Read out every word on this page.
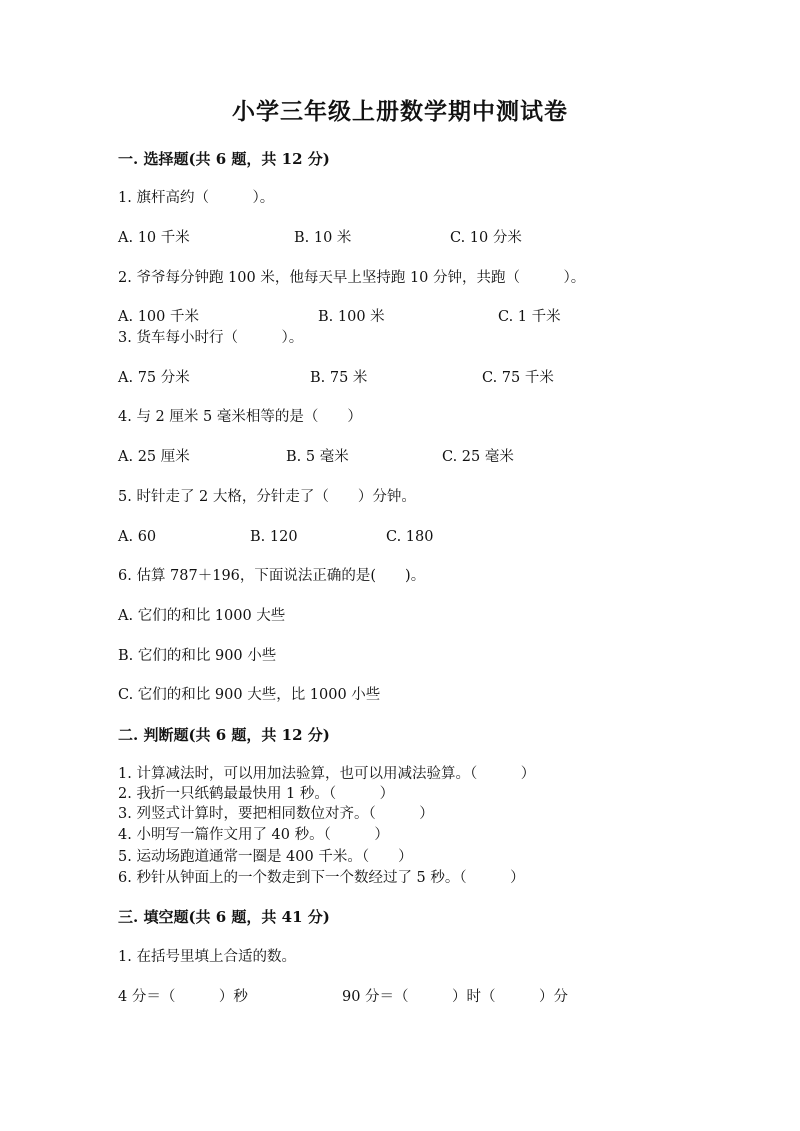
小学三年级上册数学期中测试卷
一. 选择题(共 6 题，共 12 分)
1. 旗杆高约（　　　）。
A. 10 千米	B. 10 米	C. 10 分米
2. 爷爷每分钟跑 100 米，他每天早上坚持跑 10 分钟，共跑（　　　）。
A. 100 千米	B. 100 米	C. 1 千米
3. 货车每小时行（　　　）。
A. 75 分米	B. 75 米	C. 75 千米
4. 与 2 厘米 5 毫米相等的是（　　）
A. 25 厘米	B. 5 毫米	C. 25 毫米
5. 时针走了 2 大格，分针走了（　　）分钟。
A. 60	B. 120	C. 180
6. 估算 787＋196，下面说法正确的是(　　)。
A. 它们的和比 1000 大些
B. 它们的和比 900 小些
C. 它们的和比 900 大些，比 1000 小些
二. 判断题(共 6 题，共 12 分)
1. 计算减法时，可以用加法验算，也可以用减法验算。（　　　）
2. 我折一只纸鹤最最快用 1 秒。（　　　）
3. 列竖式计算时，要把相同数位对齐。（　　　）
4. 小明写一篇作文用了 40 秒。（　　　）
5. 运动场跑道通常一圈是 400 千米。（　　）
6. 秒针从钟面上的一个数走到下一个数经过了 5 秒。（　　　）
三. 填空题(共 6 题，共 41 分)
1. 在括号里填上合适的数。
4 分＝（　　　）秒	90 分＝（　　　）时（　　　）分
